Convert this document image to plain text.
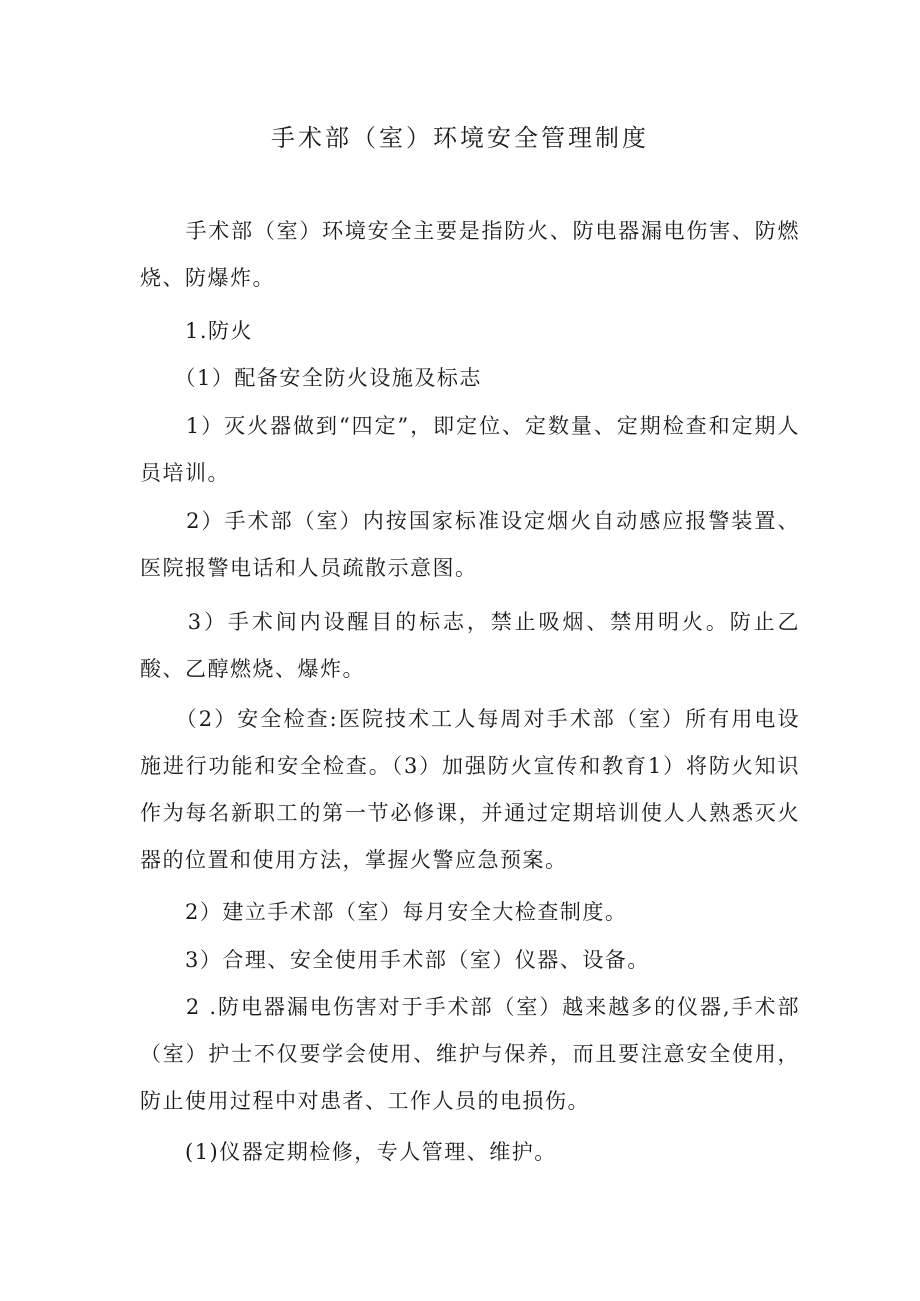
手术部（室）环境安全管理制度

　　手术部（室）环境安全主要是指防火、防电器漏电伤害、防燃烧、防爆炸。

　　1.防火

　　（1）配备安全防火设施及标志

　　1）灭火器做到“四定”，即定位、定数量、定期检查和定期人员培训。

　　2）手术部（室）内按国家标准设定烟火自动感应报警装置、医院报警电话和人员疏散示意图。

　　3）手术间内设醒目的标志，禁止吸烟、禁用明火。防止乙酸、乙醇燃烧、爆炸。

　　（2）安全检查:医院技术工人每周对手术部（室）所有用电设施进行功能和安全检查。（3）加强防火宣传和教育1）将防火知识作为每名新职工的第一节必修课，并通过定期培训使人人熟悉灭火器的位置和使用方法，掌握火警应急预案。

　　2）建立手术部（室）每月安全大检查制度。

　　3）合理、安全使用手术部（室）仪器、设备。

　　2 .防电器漏电伤害对于手术部（室）越来越多的仪器,手术部（室）护士不仅要学会使用、维护与保养，而且要注意安全使用，防止使用过程中对患者、工作人员的电损伤。

　　(1)仪器定期检修，专人管理、维护。
